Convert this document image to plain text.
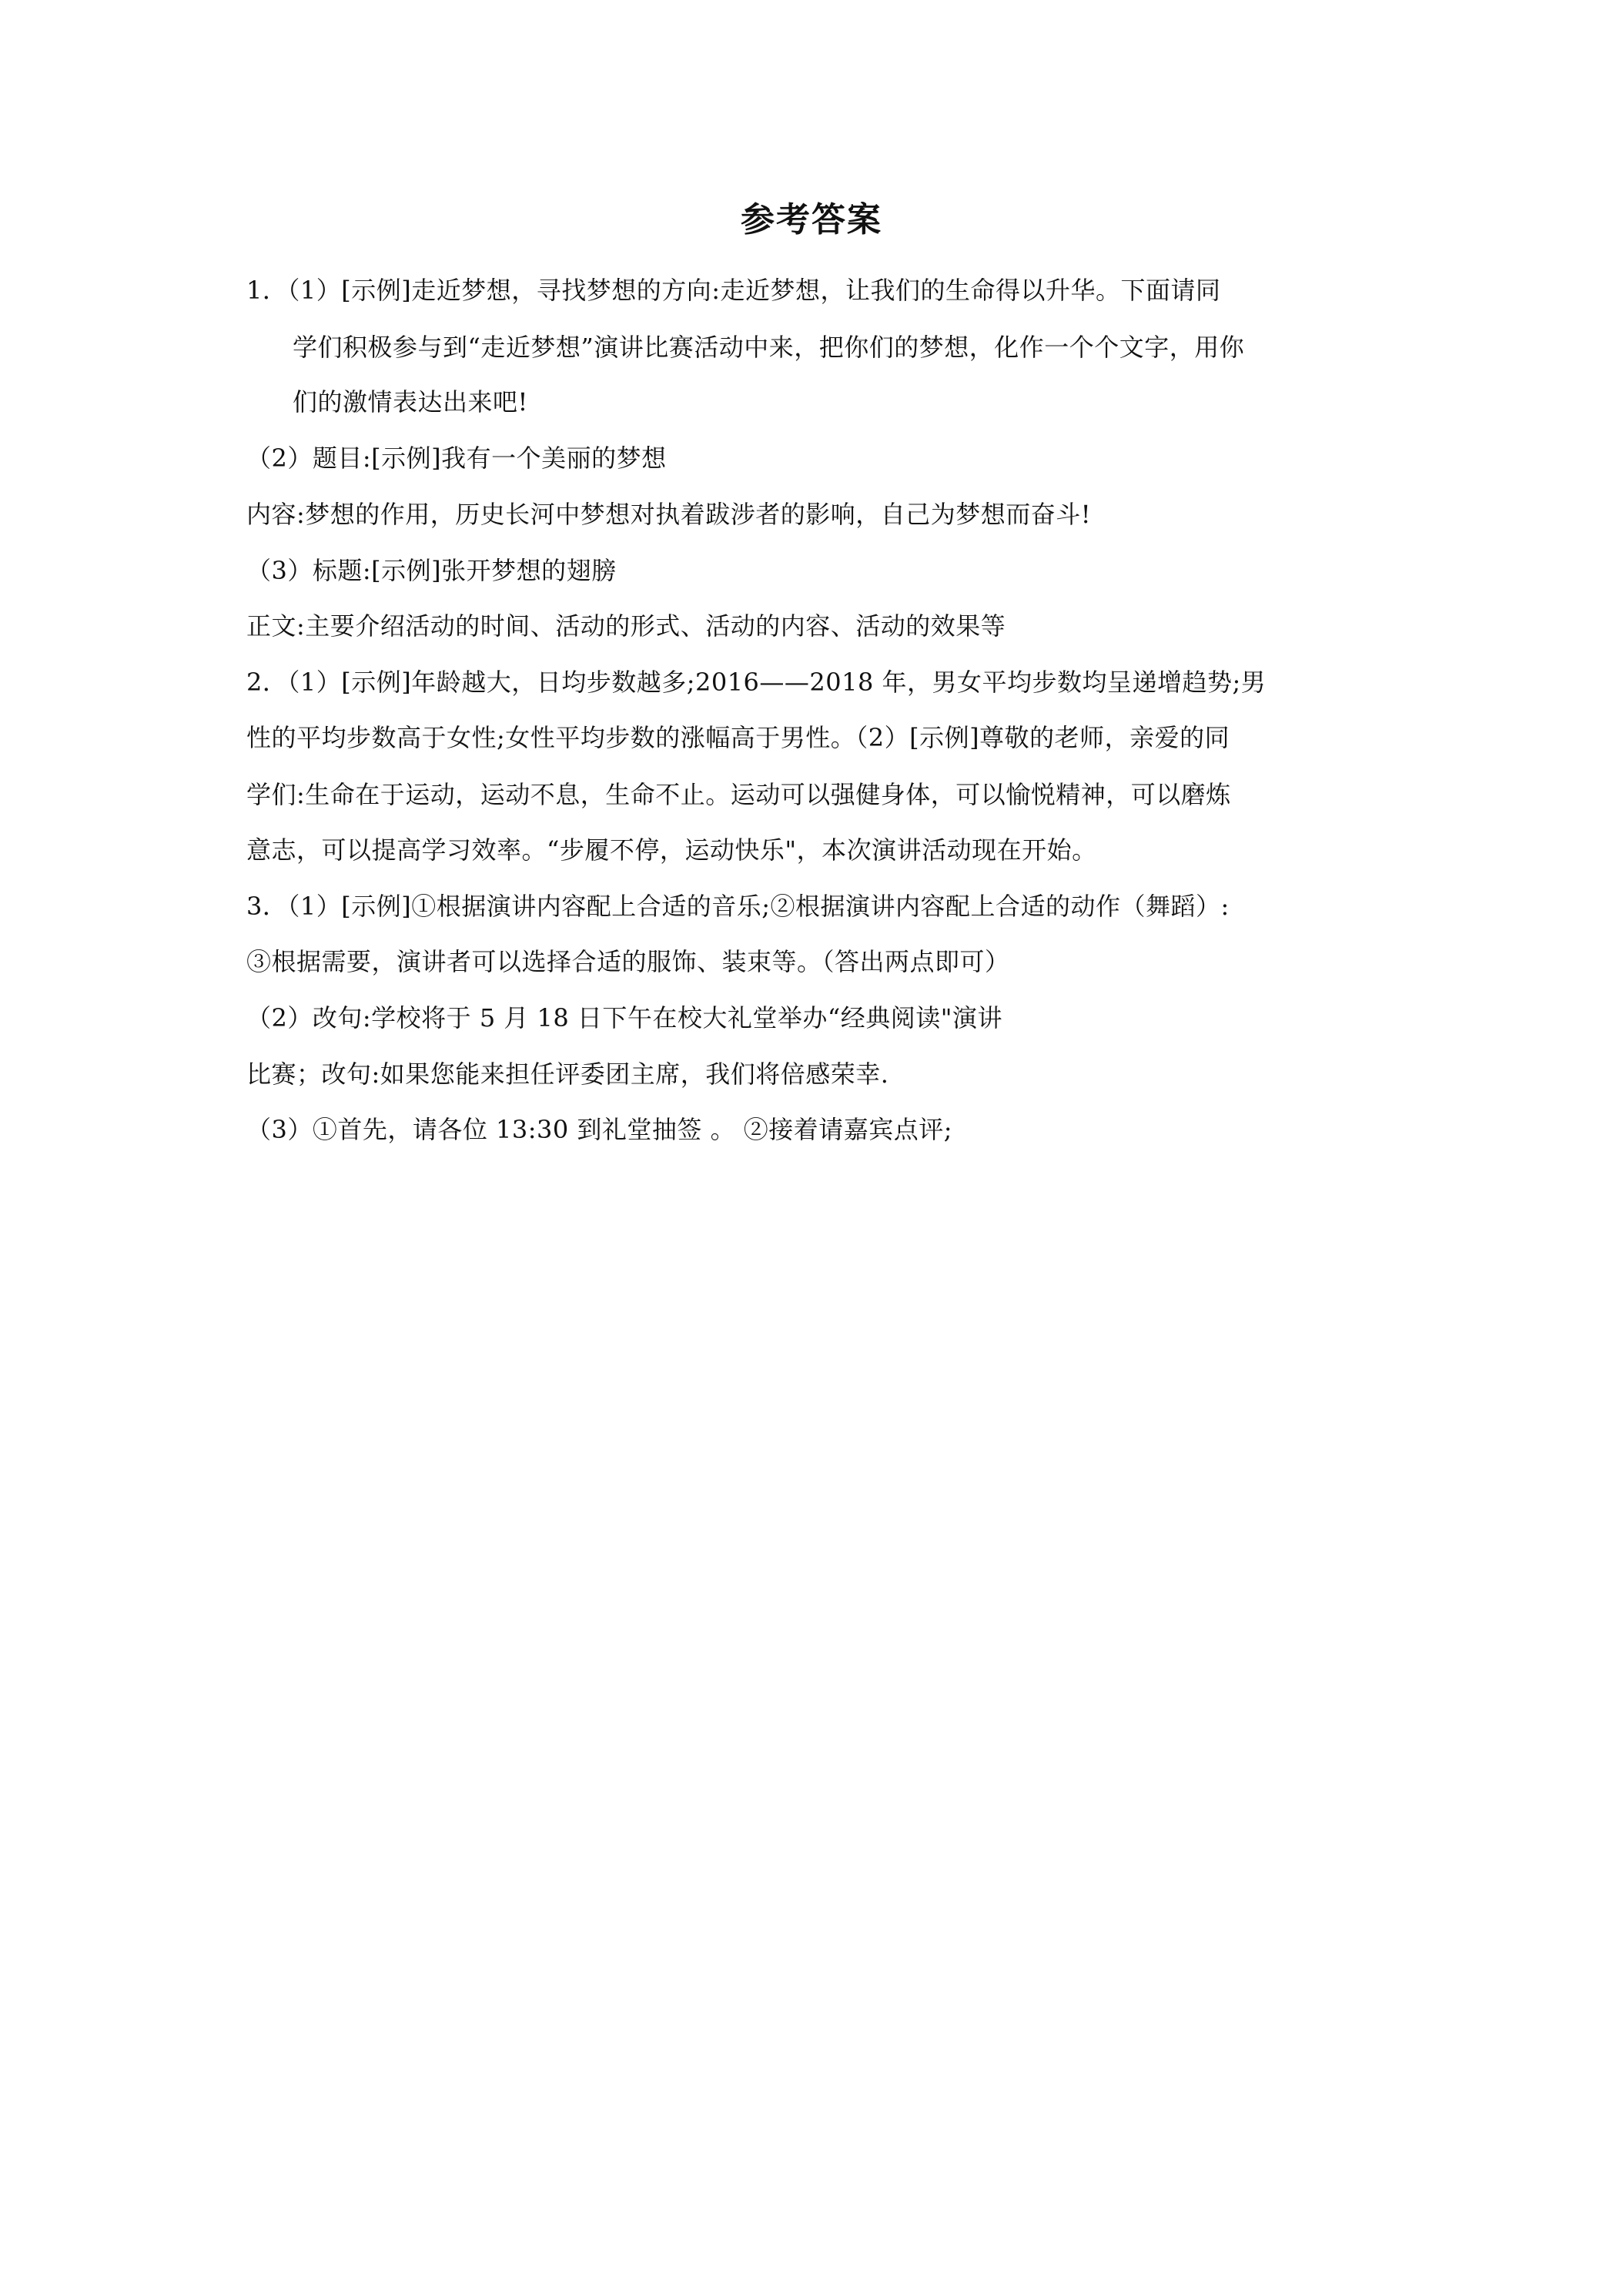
参考答案
1．（1）[示例]走近梦想，寻找梦想的方向:走近梦想，让我们的生命得以升华。下面请同
学们积极参与到“走近梦想”演讲比赛活动中来，把你们的梦想，化作一个个文字，用你
们的激情表达出来吧!
（2）题目:[示例]我有一个美丽的梦想
内容:梦想的作用，历史长河中梦想对执着跋涉者的影响，自己为梦想而奋斗!
（3）标题:[示例]张开梦想的翅膀
正文:主要介绍活动的时间、活动的形式、活动的内容、活动的效果等
2．（1）[示例]年龄越大，日均步数越多;2016——2018 年，男女平均步数均呈递增趋势;男
性的平均步数高于女性;女性平均步数的涨幅高于男性。（2）[示例]尊敬的老师，亲爱的同
学们:生命在于运动，运动不息，生命不止。运动可以强健身体，可以愉悦精神，可以磨炼
意志，可以提高学习效率。“步履不停，运动快乐"，本次演讲活动现在开始。
3．（1）[示例]①根据演讲内容配上合适的音乐;②根据演讲内容配上合适的动作（舞蹈）:
③根据需要，演讲者可以选择合适的服饰、装束等。（答出两点即可）
（2）改句:学校将于 5 月 18 日下午在校大礼堂举办“经典阅读"演讲
比赛；改句:如果您能来担任评委团主席，我们将倍感荣幸.
（3）①首先，请各位 13:30 到礼堂抽签 。 ②接着请嘉宾点评;
